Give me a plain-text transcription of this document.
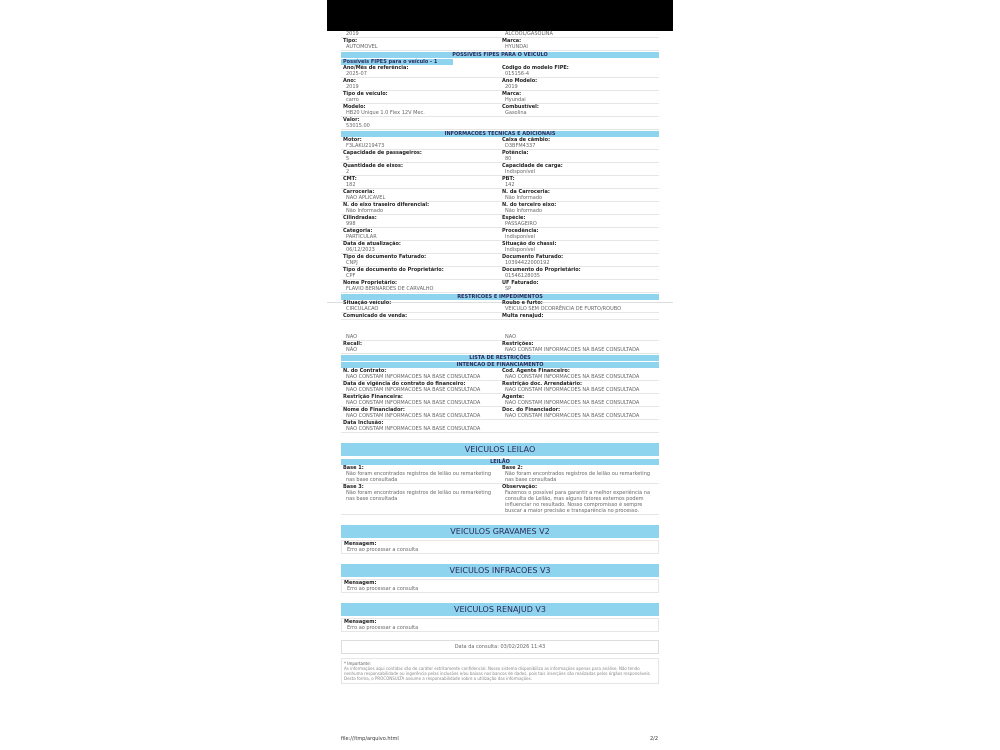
2019	ALCOOL/GASOLINA
Tipo:
AUTOMOVEL
Marca:
HYUNDAI
POSSIVEIS FIPES PARA O VEICULO
Possíveis FIPES para o veículo - 1
Ano/Mês de referência:
2025-07
Código do modelo FIPE:
015156-4
Ano:
2019
Ano Modelo:
2019
Tipo de veículo:
carro
Marca:
Hyundai
Modelo:
HB20 Unique 1.0 Flex 12V Mec.
Combustível:
Gasolina
Valor:
53015.00
INFORMACOES TECNICAS E ADICIONAIS
Motor:
F3LAKU219473
Caixa de câmbio:
D3BFM4337
Capacidade de passageiros:
5
Potência:
80
Quantidade de eixos:
2
Capacidade de carga:
Indisponível
CMT:
182
PBT:
142
Carroceria:
NAO APLICAVEL
N. da Carroceria:
Não Informado
N. do eixo traseiro diferencial:
Não Informado
N. do terceiro eixo:
Não Informado
Cilindradas:
998
Espécie:
PASSAGEIRO
Categoria:
PARTICULAR
Procedência:
Indisponível
Data de atualização:
06/12/2023
Situação do chassi:
Indisponível
Tipo de documento Faturado:
CNPJ
Documento Faturado:
10394422000192
Tipo de documento do Proprietário:
CPF
Documento do Proprietário:
01546128035
Nome Proprietário:
FLAVIO BERNARDES DE CARVALHO
UF Faturado:
SP
RESTRICOES E IMPEDIMENTOS
Situação veículo:
CIRCULACAO
Roubo e furto:
VEICULO SEM OCORRÊNCIA DE FURTO/ROUBO
Comunicado de venda:	Multa renajud:
NÃO	NÃO
Recall:
NÃO
Restrições:
NAO CONSTAM INFORMACOES NA BASE CONSULTADA
LISTA DE RESTRIÇÕES
INTENCAO DE FINANCIAMENTO
N. do Contrato:
NAO CONSTAM INFORMACOES NA BASE CONSULTADA
Cod. Agente Financeiro:
NAO CONSTAM INFORMACOES NA BASE CONSULTADA
Data de vigência do contrato do financeiro:
NAO CONSTAM INFORMACOES NA BASE CONSULTADA
Restrição doc. Arrendatário:
NAO CONSTAM INFORMACOES NA BASE CONSULTADA
Restrição Financeira:
NAO CONSTAM INFORMACOES NA BASE CONSULTADA
Agente:
NAO CONSTAM INFORMACOES NA BASE CONSULTADA
Nome do Financiador:
NAO CONSTAM INFORMACOES NA BASE CONSULTADA
Doc. do Financiador:
NAO CONSTAM INFORMACOES NA BASE CONSULTADA
Data Inclusão:
NAO CONSTAM INFORMACOES NA BASE CONSULTADA
VEICULOS LEILAO
LEILÃO
Base 1:
Não foram encontrados registros de leilão ou remarketing nas base consultada
Base 2:
Não foram encontrados registros de leilão ou remarketing nas base consultada
Base 3:
Não foram encontrados registros de leilão ou remarketing nas base consultada
Observação:
Fazemos o possível para garantir a melhor experiência na consulta de Leilão, mas alguns fatores externos podem influenciar no resultado. Nosso compromisso é sempre buscar a maior precisão e transparência no processo.
VEICULOS GRAVAMES V2
Mensagem:
Erro ao processar a consulta
VEICULOS INFRACOES V3
Mensagem:
Erro ao processar a consulta
VEICULOS RENAJUD V3
Mensagem:
Erro ao processar a consulta
Data da consulta: 03/02/2026 11:43
* Importante:
As informações aqui contidas são de caráter estritamente confidencial. Nosso sistema disponibiliza as informações apenas para análise. Não tendo nenhuma responsabilidade ou ingerência pelas inclusões e/ou baixas nos bancos de dados, pois tais inserções são realizadas pelos órgãos responsáveis. Desta forma, o PROCONSULTA assume a responsabilidade sobre a utilização das informações.
file:///tmp/arquivo.html	2/2
